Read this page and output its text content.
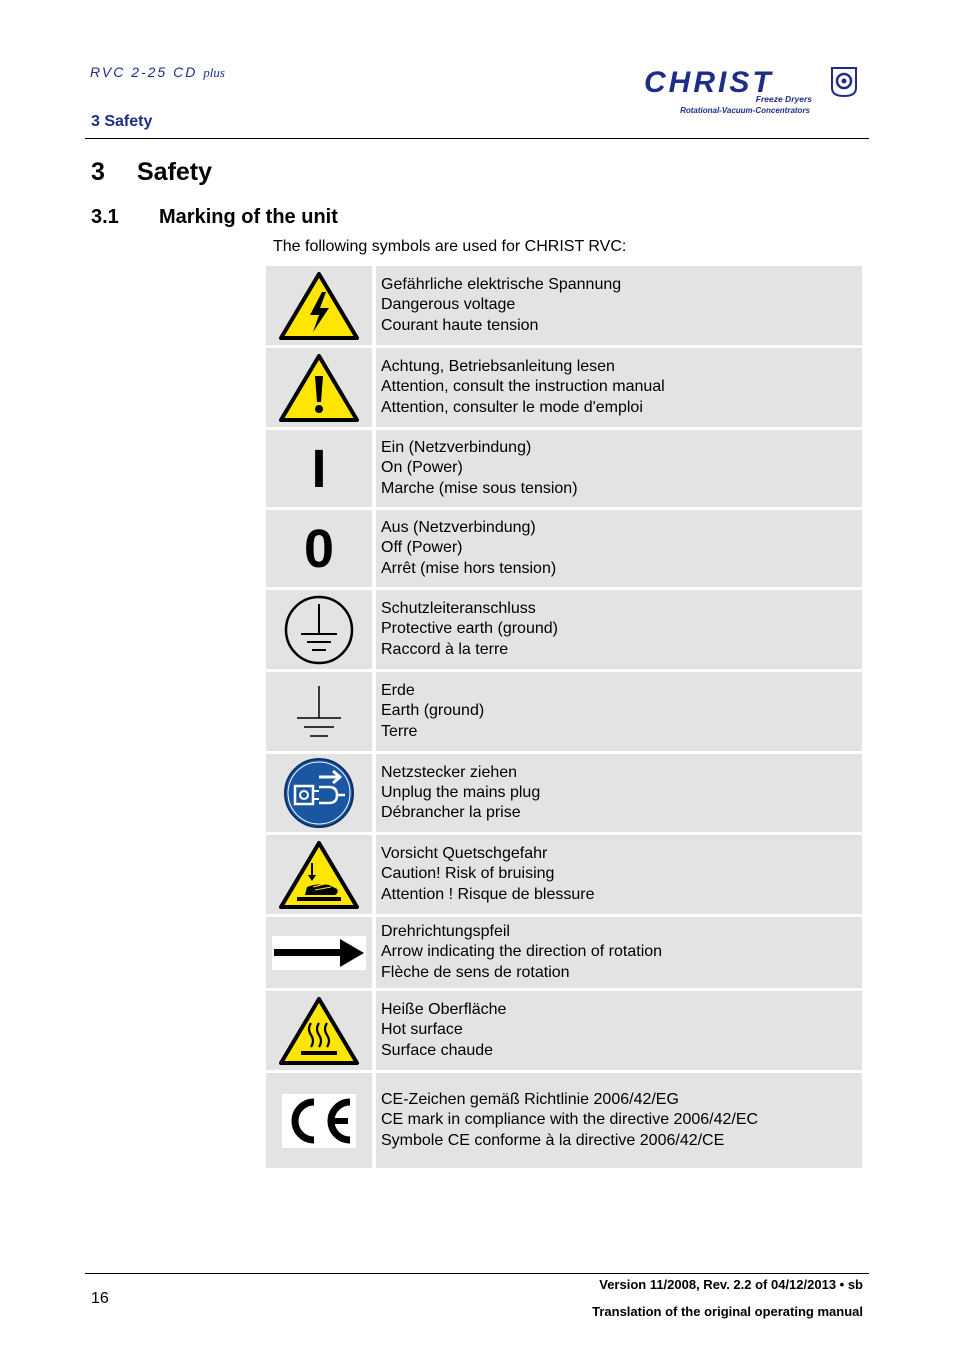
RVC 2-25 CD plus
3 Safety
CHRIST
Freeze Dryers
Rotational-Vacuum-Concentrators
3 Safety
3.1 Marking of the unit
The following symbols are used for CHRIST RVC:
Gefährliche elektrische Spannung
Dangerous voltage
Courant haute tension
Achtung, Betriebsanleitung lesen
Attention, consult the instruction manual
Attention, consulter le mode d'emploi
I	Ein (Netzverbindung)
On (Power)
Marche (mise sous tension)
0	Aus (Netzverbindung)
Off (Power)
Arrêt (mise hors tension)
Schutzleiteranschluss
Protective earth (ground)
Raccord à la terre
Erde
Earth (ground)
Terre
Netzstecker ziehen
Unplug the mains plug
Débrancher la prise
Vorsicht Quetschgefahr
Caution! Risk of bruising
Attention ! Risque de blessure
Drehrichtungspfeil
Arrow indicating the direction of rotation
Flèche de sens de rotation
Heiße Oberfläche
Hot surface
Surface chaude
CE-Zeichen gemäß Richtlinie 2006/42/EG
CE mark in compliance with the directive 2006/42/EC
Symbole CE conforme à la directive 2006/42/CE
16
Version 11/2008, Rev. 2.2 of 04/12/2013 • sb
Translation of the original operating manual
